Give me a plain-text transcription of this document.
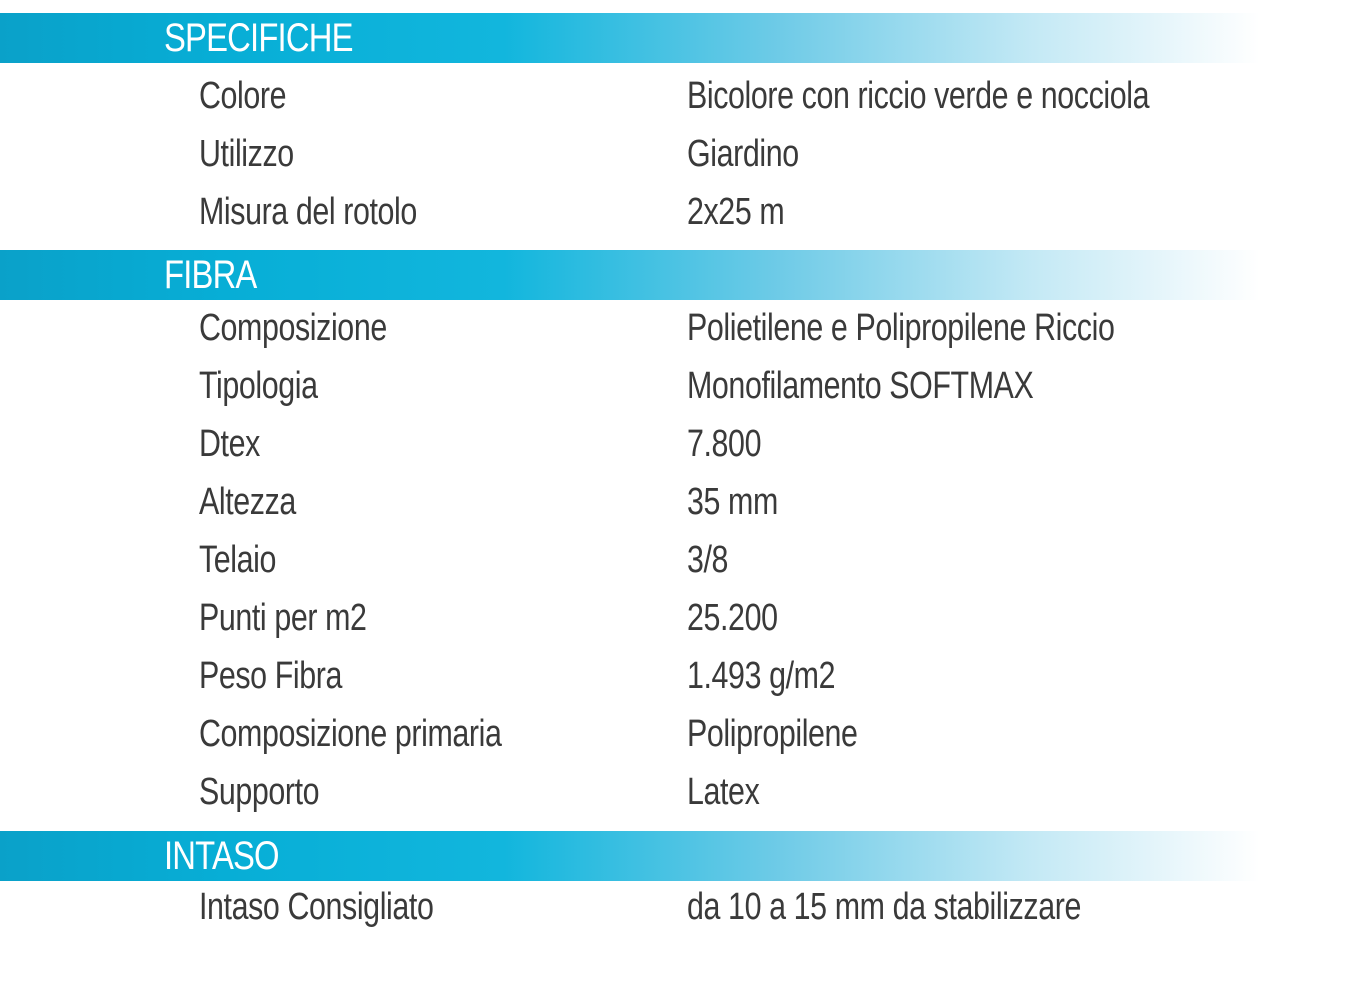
SPECIFICHE
Colore	Bicolore con riccio verde e nocciola
Utilizzo	Giardino
Misura del rotolo	2x25 m
FIBRA
Composizione	Polietilene e Polipropilene Riccio
Tipologia	Monofilamento SOFTMAX
Dtex	7.800
Altezza	35 mm
Telaio	3/8
Punti per m2	25.200
Peso Fibra	1.493 g/m2
Composizione primaria	Polipropilene
Supporto	Latex
INTASO
Intaso Consigliato	da 10 a 15 mm da stabilizzare
